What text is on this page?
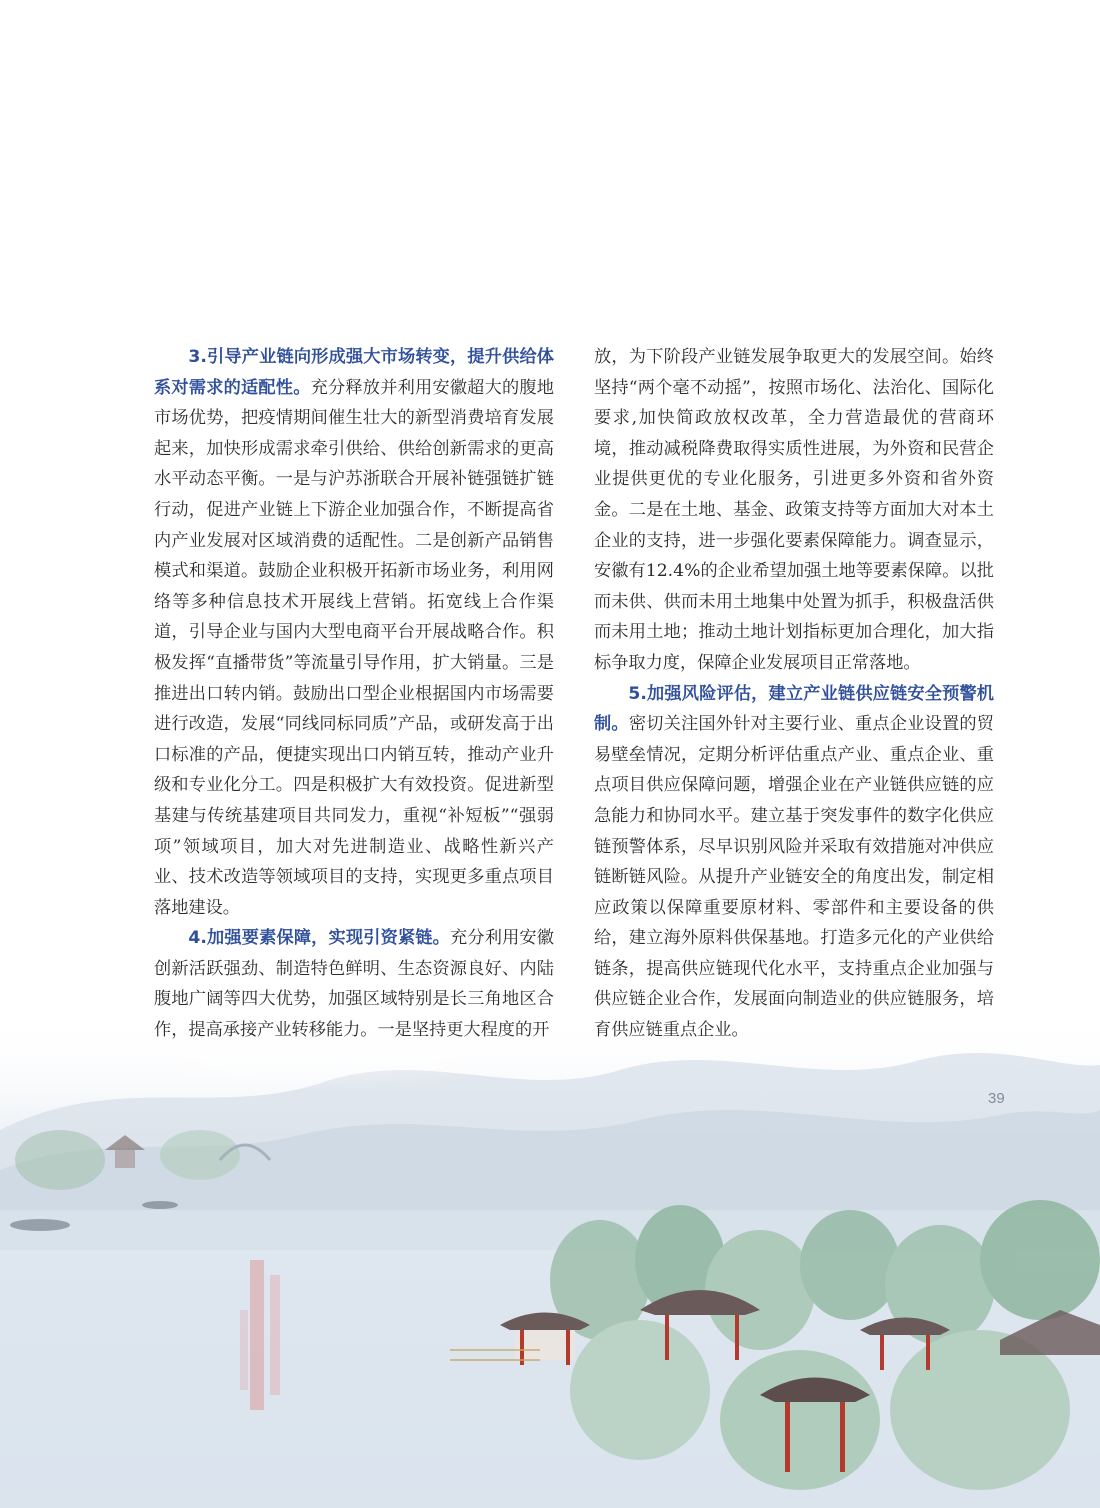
3.引导产业链向形成强大市场转变，提升供给体系对需求的适配性。充分释放并利用安徽超大的腹地市场优势，把疫情期间催生壮大的新型消费培育发展起来，加快形成需求牵引供给、供给创新需求的更高水平动态平衡。一是与沪苏浙联合开展补链强链扩链行动，促进产业链上下游企业加强合作，不断提高省内产业发展对区域消费的适配性。二是创新产品销售模式和渠道。鼓励企业积极开拓新市场业务，利用网络等多种信息技术开展线上营销。拓宽线上合作渠道，引导企业与国内大型电商平台开展战略合作。积极发挥“直播带货”等流量引导作用，扩大销量。三是推进出口转内销。鼓励出口型企业根据国内市场需要进行改造，发展“同线同标同质”产品，或研发高于出口标准的产品，便捷实现出口内销互转，推动产业升级和专业化分工。四是积极扩大有效投资。促进新型基建与传统基建项目共同发力，重视“补短板”“强弱项”领域项目，加大对先进制造业、战略性新兴产业、技术改造等领域项目的支持，实现更多重点项目落地建设。

4.加强要素保障，实现引资紧链。充分利用安徽创新活跃强劲、制造特色鲜明、生态资源良好、内陆腹地广阔等四大优势，加强区域特别是长三角地区合作，提高承接产业转移能力。一是坚持更大程度的开

放，为下阶段产业链发展争取更大的发展空间。始终坚持“两个毫不动摇”，按照市场化、法治化、国际化要求,加快简政放权改革，全力营造最优的营商环境，推动减税降费取得实质性进展，为外资和民营企业提供更优的专业化服务，引进更多外资和省外资金。二是在土地、基金、政策支持等方面加大对本土企业的支持，进一步强化要素保障能力。调查显示，安徽有12.4%的企业希望加强土地等要素保障。以批而未供、供而未用土地集中处置为抓手，积极盘活供而未用土地；推动土地计划指标更加合理化，加大指标争取力度，保障企业发展项目正常落地。

5.加强风险评估，建立产业链供应链安全预警机制。密切关注国外针对主要行业、重点企业设置的贸易壁垒情况，定期分析评估重点产业、重点企业、重点项目供应保障问题，增强企业在产业链供应链的应急能力和协同水平。建立基于突发事件的数字化供应链预警体系，尽早识别风险并采取有效措施对冲供应链断链风险。从提升产业链安全的角度出发，制定相应政策以保障重要原材料、零部件和主要设备的供给，建立海外原料供保基地。打造多元化的产业供给链条，提高供应链现代化水平，支持重点企业加强与供应链企业合作，发展面向制造业的供应链服务，培育供应链重点企业。

39
